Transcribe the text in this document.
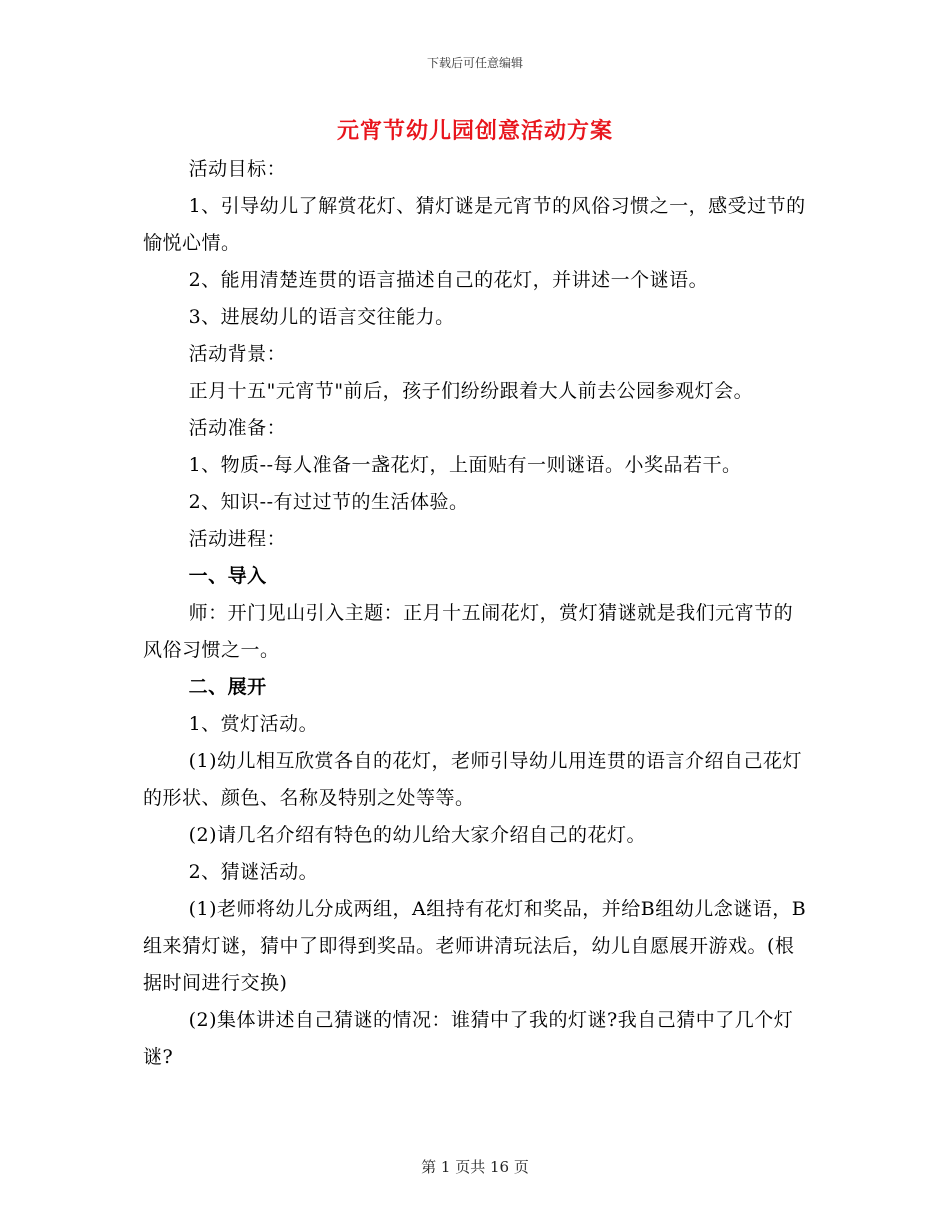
下载后可任意编辑
元宵节幼儿园创意活动方案

活动目标：

1、引导幼儿了解赏花灯、猜灯谜是元宵节的风俗习惯之一，感受过节的愉悦心情。

2、能用清楚连贯的语言描述自己的花灯，并讲述一个谜语。

3、进展幼儿的语言交往能力。

活动背景：

正月十五"元宵节"前后，孩子们纷纷跟着大人前去公园参观灯会。

活动准备：

1、物质--每人准备一盏花灯，上面贴有一则谜语。小奖品若干。

2、知识--有过过节的生活体验。

活动进程：

一、导入

师：开门见山引入主题：正月十五闹花灯，赏灯猜谜就是我们元宵节的风俗习惯之一。

二、展开

1、赏灯活动。

(1)幼儿相互欣赏各自的花灯，老师引导幼儿用连贯的语言介绍自己花灯的形状、颜色、名称及特别之处等等。

(2)请几名介绍有特色的幼儿给大家介绍自己的花灯。

2、猜谜活动。

(1)老师将幼儿分成两组，A组持有花灯和奖品，并给B组幼儿念谜语，B组来猜灯谜，猜中了即得到奖品。老师讲清玩法后，幼儿自愿展开游戏。(根据时间进行交换)

(2)集体讲述自己猜谜的情况：谁猜中了我的灯谜?我自己猜中了几个灯谜?

第 1 页共 16 页
